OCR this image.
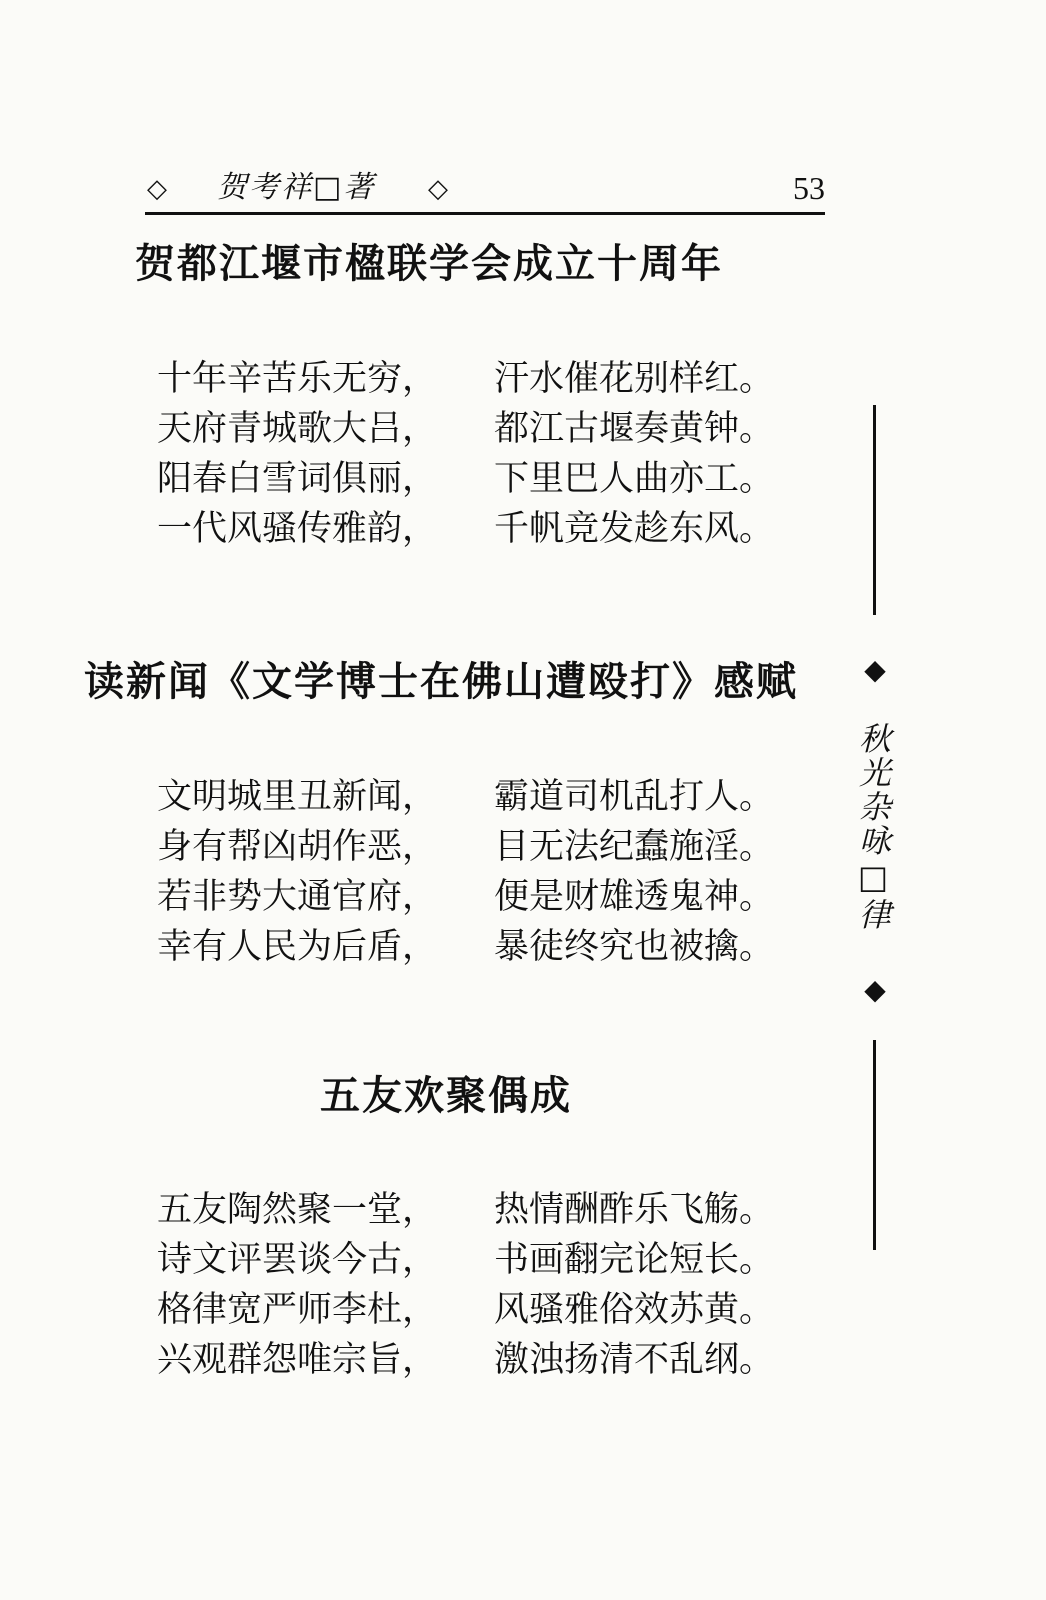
◇ 贺考祥□著 ◇	53
贺都江堰市楹联学会成立十周年
十年辛苦乐无穷，	汗水催花别样红。
天府青城歌大吕，	都江古堰奏黄钟。
阳春白雪词俱丽，	下里巴人曲亦工。
一代风骚传雅韵，	千帆竞发趁东风。
读新闻《文学博士在佛山遭殴打》感赋
文明城里丑新闻，	霸道司机乱打人。
身有帮凶胡作恶，	目无法纪蠢施淫。
若非势大通官府，	便是财雄透鬼神。
幸有人民为后盾，	暴徒终究也被擒。
五友欢聚偶成
五友陶然聚一堂，	热情酬酢乐飞觞。
诗文评罢谈今古，	书画翻完论短长。
格律宽严师李杜，	风骚雅俗效苏黄。
兴观群怨唯宗旨，	激浊扬清不乱纲。
◆
秋光杂咏□律
◆
